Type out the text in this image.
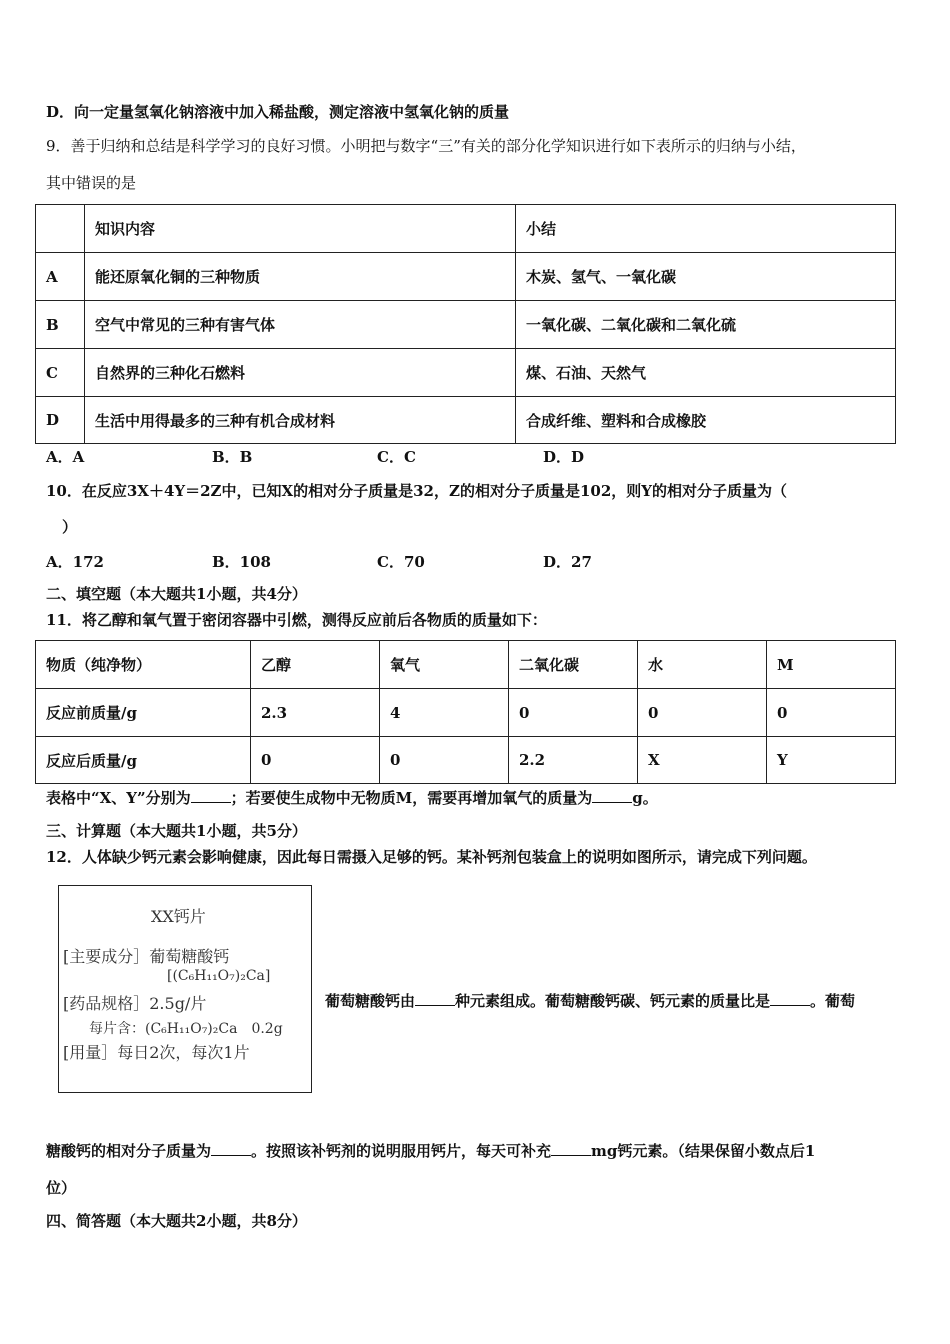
D．向一定量氢氧化钠溶液中加入稀盐酸，测定溶液中氢氧化钠的质量
9．善于归纳和总结是科学学习的良好习惯。小明把与数字“三”有关的部分化学知识进行如下表所示的归纳与小结，
其中错误的是
	知识内容	小结
A	能还原氧化铜的三种物质	木炭、氢气、一氧化碳
B	空气中常见的三种有害气体	一氧化碳、二氧化碳和二氧化硫
C	自然界的三种化石燃料	煤、石油、天然气
D	生活中用得最多的三种有机合成材料	合成纤维、塑料和合成橡胶
A．A	B．B	C．C	D．D
10．在反应3X＋4Y＝2Z中，已知X的相对分子质量是32，Z的相对分子质量是102，则Y的相对分子质量为（
）
A．172	B．108	C．70	D．27
二、填空题（本大题共1小题，共4分）
11．将乙醇和氧气置于密闭容器中引燃，测得反应前后各物质的质量如下：
物质（纯净物）	乙醇	氧气	二氧化碳	水	M
反应前质量/g	2.3	4	0	0	0
反应后质量/g	0	0	2.2	X	Y
表格中“X、Y”分别为	；若要使生成物中无物质M，需要再增加氧气的质量为	g。
三、计算题（本大题共1小题，共5分）
12．人体缺少钙元素会影响健康，因此每日需摄入足够的钙。某补钙剂包装盒上的说明如图所示，请完成下列问题。
XX钙片
[主要成分］葡萄糖酸钙
[(C₆H₁₁O₇)₂Ca]
[药品规格］2.5g/片
每片含：(C₆H₁₁O₇)₂Ca　0.2g
[用量］每日2次，每次1片
葡萄糖酸钙由	种元素组成。葡萄糖酸钙碳、钙元素的质量比是	。葡萄
糖酸钙的相对分子质量为	。按照该补钙剂的说明服用钙片，每天可补充	mg钙元素。（结果保留小数点后1
位）
四、简答题（本大题共2小题，共8分）
